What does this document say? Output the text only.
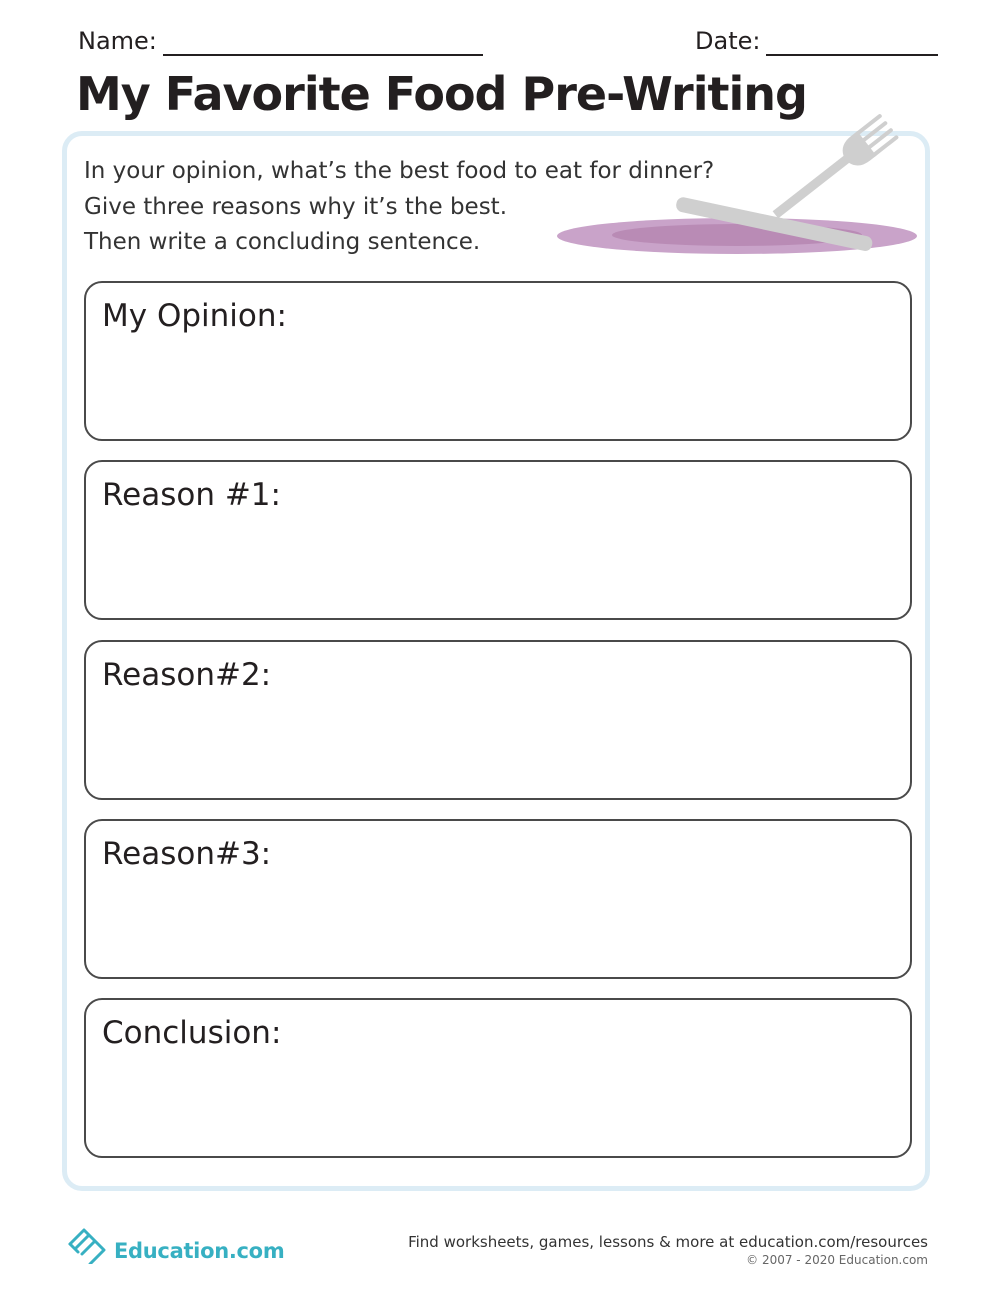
Name:	Date:
My Favorite Food Pre-Writing
In your opinion, what’s the best food to eat for dinner?
Give three reasons why it’s the best.
Then write a concluding sentence.
My Opinion:
Reason #1:
Reason#2:
Reason#3:
Conclusion:
Education.com	Find worksheets, games, lessons & more at education.com/resources
© 2007 - 2020 Education.com
